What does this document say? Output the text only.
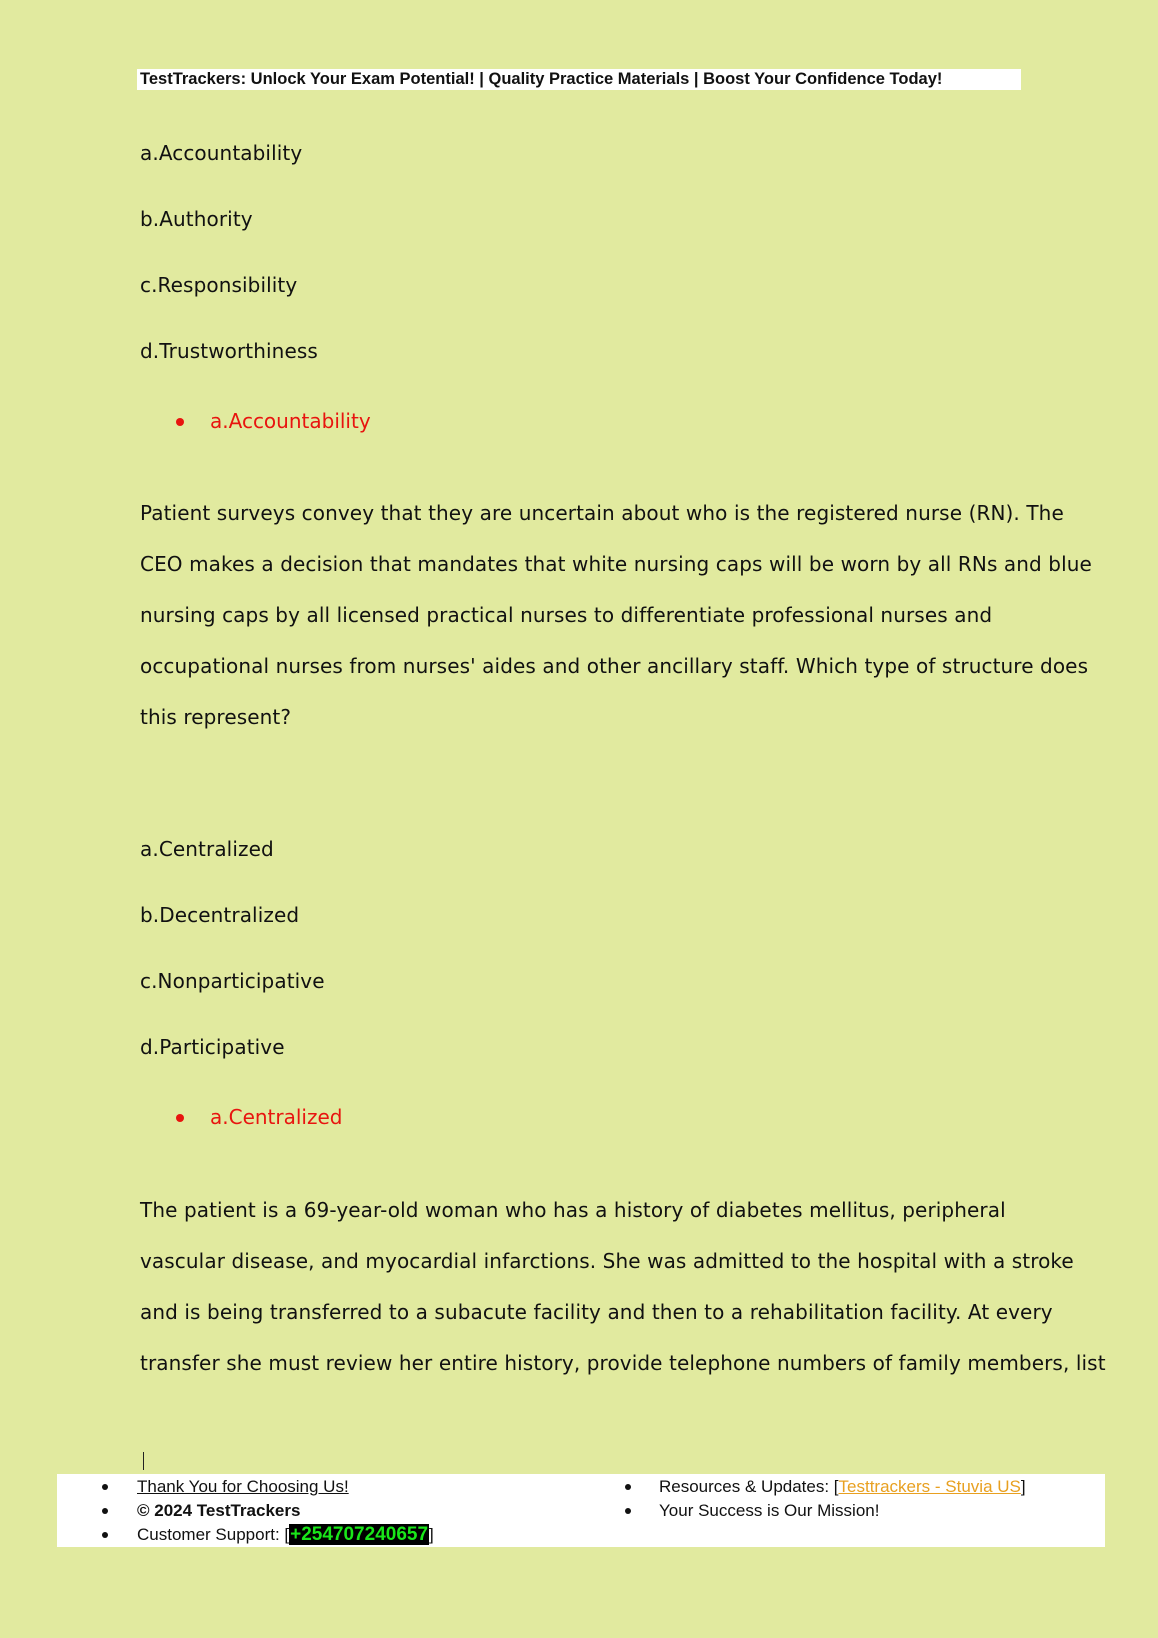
TestTrackers: Unlock Your Exam Potential! | Quality Practice Materials | Boost Your Confidence Today!
a.Accountability
b.Authority
c.Responsibility
d.Trustworthiness
a.Accountability
Patient surveys convey that they are uncertain about who is the registered nurse (RN). The
CEO makes a decision that mandates that white nursing caps will be worn by all RNs and blue
nursing caps by all licensed practical nurses to differentiate professional nurses and
occupational nurses from nurses' aides and other ancillary staff. Which type of structure does
this represent?
a.Centralized
b.Decentralized
c.Nonparticipative
d.Participative
a.Centralized
The patient is a 69-year-old woman who has a history of diabetes mellitus, peripheral
vascular disease, and myocardial infarctions. She was admitted to the hospital with a stroke
and is being transferred to a subacute facility and then to a rehabilitation facility. At every
transfer she must review her entire history, provide telephone numbers of family members, list
Thank You for Choosing Us!
© 2024 TestTrackers
Customer Support: [+254707240657]
Resources & Updates: [Testtrackers - Stuvia US]
Your Success is Our Mission!
